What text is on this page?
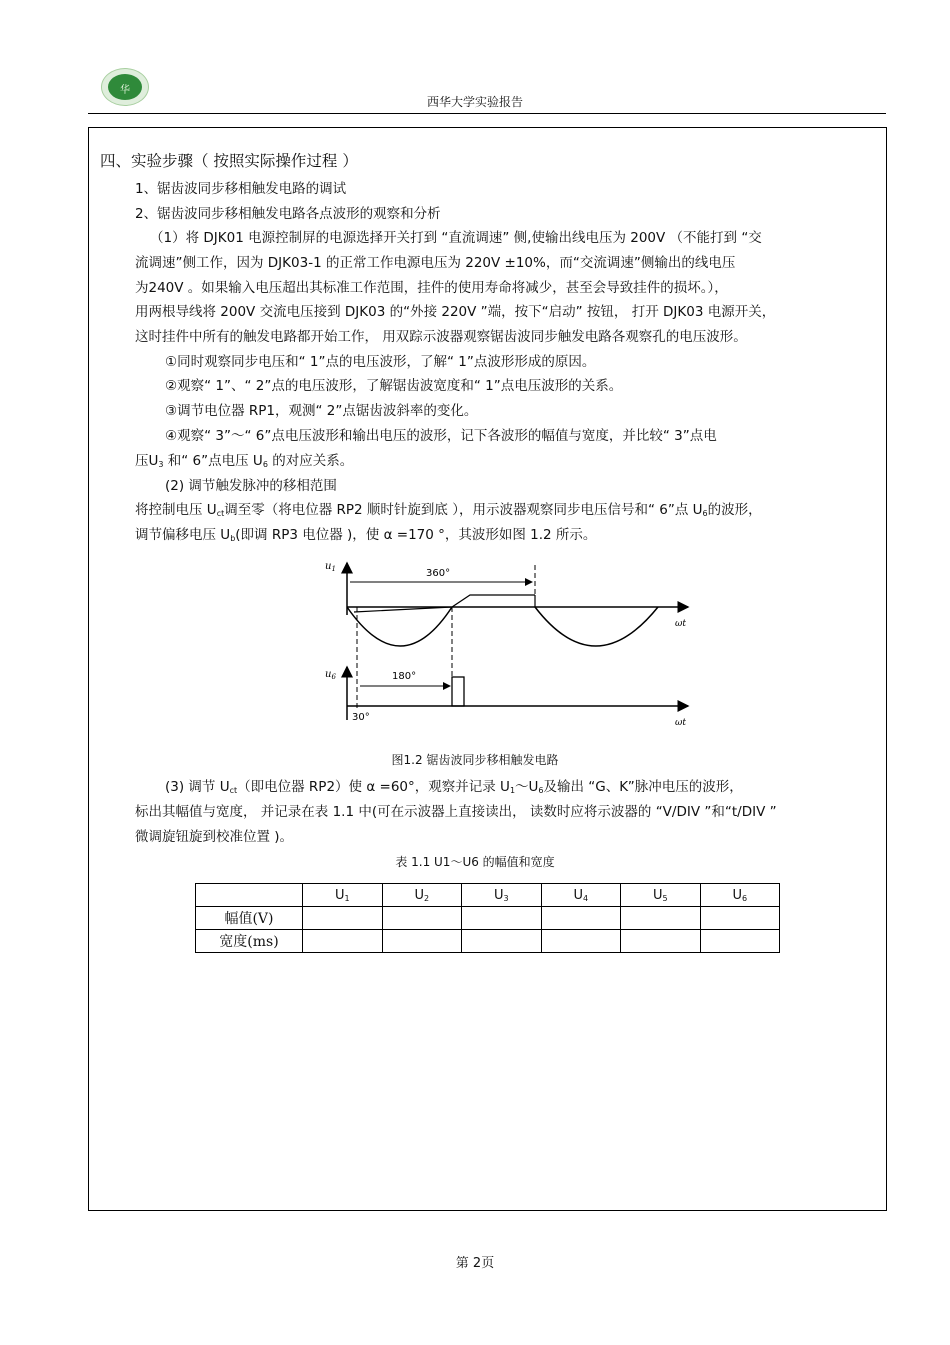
华
西华大学实验报告
四、实验步骤（ 按照实际操作过程 ）
1、锯齿波同步移相触发电路的调试
2、锯齿波同步移相触发电路各点波形的观察和分析
（1）将 DJK01 电源控制屏的电源选择开关打到 “直流调速” 侧,使输出线电压为 200V （不能打到 “交
流调速”侧工作，因为 DJK03-1 的正常工作电源电压为 220V ±10%，而“交流调速”侧输出的线电压
为240V 。如果输入电压超出其标准工作范围，挂件的使用寿命将减少，甚至会导致挂件的损坏。），
用两根导线将 200V 交流电压接到 DJK03 的“外接 220V ”端，按下“启动” 按钮， 打开 DJK03 电源开关，
这时挂件中所有的触发电路都开始工作， 用双踪示波器观察锯齿波同步触发电路各观察孔的电压波形。
①同时观察同步电压和“ 1”点的电压波形，了解“ 1”点波形形成的原因。
②观察“ 1”、“ 2”点的电压波形，了解锯齿波宽度和“ 1”点电压波形的关系。
③调节电位器 RP1，观测“ 2”点锯齿波斜率的变化。
④观察“ 3”～“ 6”点电压波形和输出电压的波形，记下各波形的幅值与宽度，并比较“ 3”点电
压$U_3$ 和“ 6”点电压 $U_6$ 的对应关系。
(2) 调节触发脉冲的移相范围
将控制电压 $U_{ct}$调至零（将电位器 RP2 顺时针旋到底 ），用示波器观察同步电压信号和“ 6”点 $U_6$的波形，
调节偏移电压 $U_b$(即调 RP3 电位器 )，使 α =170 °，其波形如图 1.2 所示。
$u_1$
ωt
360°
$u_6$
ωt
180°
30°
图1.2 锯齿波同步移相触发电路
(3) 调节 $U_{ct}$（即电位器 RP2）使 α =60°，观察并记录 $U_1\sim U_6$及输出 “G、K”脉冲电压的波形，
标出其幅值与宽度， 并记录在表 1.1 中(可在示波器上直接读出， 读数时应将示波器的 “V/DIV ”和“t/DIV ”
微调旋钮旋到校准位置 )。
表 1.1 U1～U6 的幅值和宽度
	$U_1$	$U_2$	$U_3$	$U_4$	$U_5$	$U_6$
幅值(V)						
宽度(ms)						
第 2页
